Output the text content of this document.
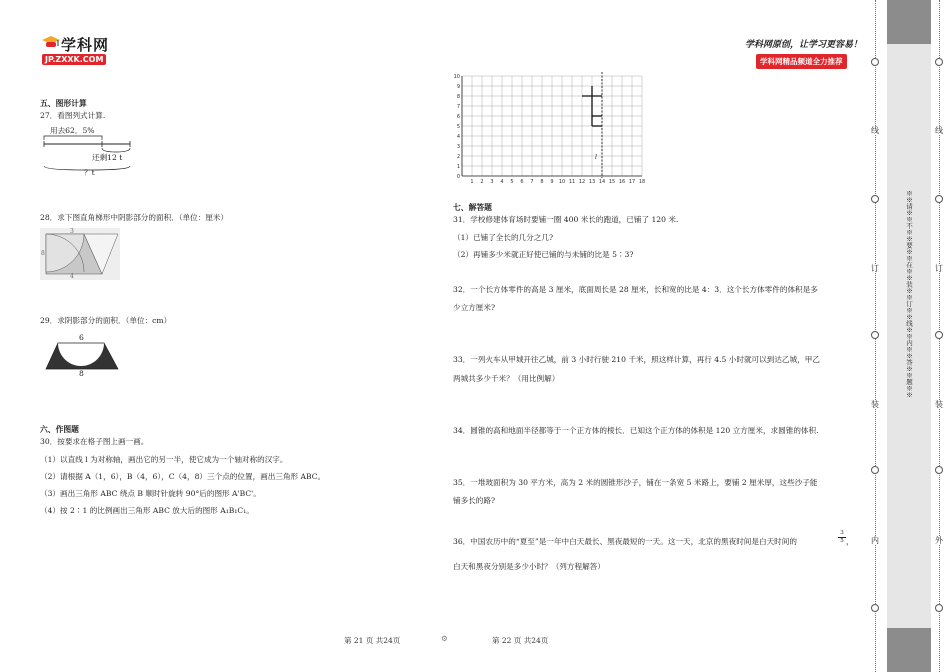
学科网
JP.ZXXK.COM
学科网原创，让学习更容易！
学科网精品频道全力推荐
五、图形计算
27．看图列式计算.
用去62．5%
还剩12 t
？t
28．求下图直角梯形中阴影部分的面积．（单位：厘米）
3
8
4
29．求阴影部分的面积．（单位：cm）
6
8
六、作图题
30．按要求在格子图上画一画。
（1）以直线 l 为对称轴，画出它的另一半，使它成为一个轴对称的汉字。
（2）请根据 A（1，6），B（4，6），C（4，8）三个点的位置，画出三角形 ABC。
（3）画出三角形 ABC 绕点 B 顺时针旋转 90°后的图形 A'BC'。
（4）按 2∶1 的比例画出三角形 ABC 放大后的图形 A₁B₁C₁。
10
9
8
7
6
5
4
3
2
1
0
1 2 3 4 5 6 7 8 9 10 11 12 13 14 15 16 17 18
l
七、解答题
31．学校修建体育场时要铺一圈 400 米长的跑道，已铺了 120 米.
（1）已铺了全长的几分之几?
（2）再铺多少米就正好使已铺的与未铺的比是 5∶3?
32．一个长方体零件的高是 3 厘米，底面周长是 28 厘米，长和宽的比是 4：3．这个长方体零件的体积是多
少立方厘米?
33．一列火车从甲城开往乙城，前 3 小时行驶 210 千米，照这样计算，再行 4.5 小时就可以到达乙城，甲乙
两城共多少千米？（用比例解）
34．圆锥的高和地面半径都等于一个正方体的棱长．已知这个正方体的体积是 120 立方厘米，求圆锥的体积.
35．一堆玻面积为 30 平方米，高为 2 米的圆锥形沙子，铺在一条宽 5 米路上，要铺 2 厘米厚，这些沙子能
铺多长的路?
36．中国农历中的“夏至”是一年中白天最长、黑夜最短的一天。这一天，北京的黑夜时间是白天时间的	$\frac{3}{5}$ ，
白天和黑夜分别是多少小时？（列方程解答）
第 21 页 共24页	⚙	第 22 页 共24页
线
订
装
内
※※请※※不※※要※※在※※装※※订※※线※※内※※答※※题※※
线
订
装
外
